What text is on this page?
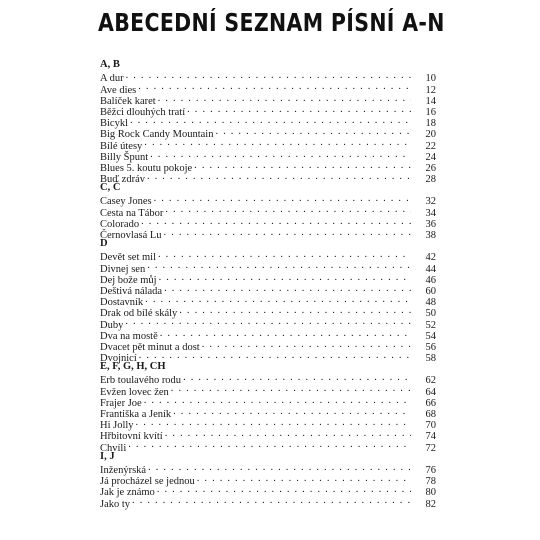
ABECEDNÍ SEZNAM PÍSNÍ A-N
A, B
A dur . . .	10
Ave dies . . .	12
Balíček karet . . .	14
Běžci dlouhých tratí . . .	16
Bicykl . . .	18
Big Rock Candy Mountain . . .	20
Bílé útesy . . .	22
Billy Špunt . . .	24
Blues 5. koutu pokoje . . .	26
Buď zdráv . . .	28
C, Č
Casey Jones . . .	32
Cesta na Tábor . . .	34
Colorado . . .	36
Černovlasá Lu . . .	38
D
Devět set mil . . .	42
Divnej sen . . .	44
Dej bože můj . . .	46
Deštivá nálada . . .	60
Dostavník . . .	48
Drak od bílé skály . . .	50
Duby . . .	52
Dva na mostě . . .	54
Dvacet pět minut a dost . . .	56
Dvojnicí . . .	58
E, F, G, H, CH
Erb toulavého rodu . . .	62
Evžen lovec žen . . .	64
Frajer Joe . . .	66
Františka a Jeník . . .	68
Hi Jolly . . .	70
Hřbitovní kvítí . . .	74
Chvíli . . .	72
I, J
Inženýrská . . .	76
Já procházel se jednou . . .	78
Jak je známo . . .	80
Jako ty . . .	82
